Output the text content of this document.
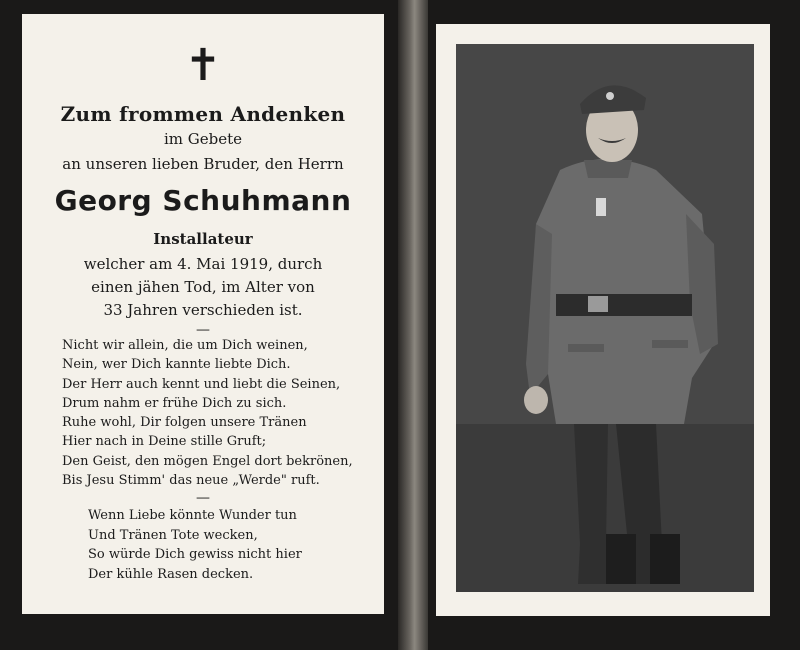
✝
Zum frommen Andenken
im Gebete
an unseren lieben Bruder, den Herrn
Georg Schuhmann
Installateur
welcher am 4. Mai 1919, durch
einen jähen Tod, im Alter von
33 Jahren verschieden ist.
—
Nicht wir allein, die um Dich weinen,
Nein, wer Dich kannte liebte Dich.
Der Herr auch kennt und liebt die Seinen,
Drum nahm er frühe Dich zu sich.
Ruhe wohl, Dir folgen unsere Tränen
Hier nach in Deine stille Gruft;
Den Geist, den mögen Engel dort bekrönen,
Bis Jesu Stimm' das neue „Werde" ruft.
—
Wenn Liebe könnte Wunder tun
Und Tränen Tote wecken,
So würde Dich gewiss nicht hier
Der kühle Rasen decken.
